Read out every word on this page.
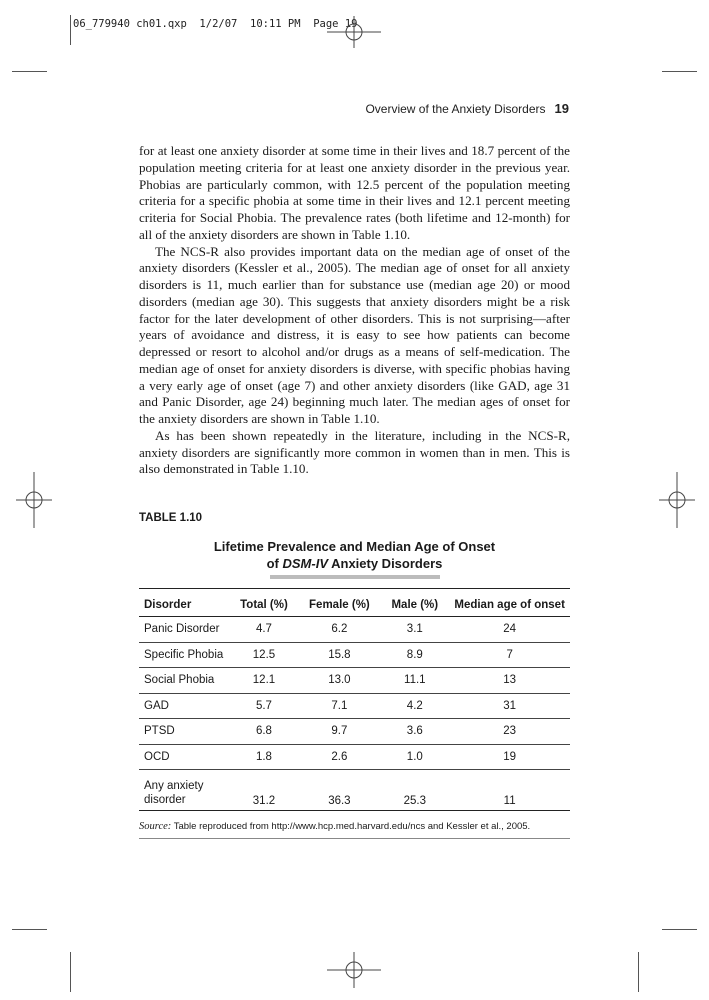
06_779940 ch01.qxp  1/2/07  10:11 PM  Page 19
Overview of the Anxiety Disorders 19

for at least one anxiety disorder at some time in their lives and 18.7 percent of the population meeting criteria for at least one anxiety disorder in the previous year. Phobias are particularly common, with 12.5 percent of the population meeting criteria for a specific phobia at some time in their lives and 12.1 percent meeting criteria for Social Phobia. The prevalence rates (both lifetime and 12-month) for all of the anxiety disorders are shown in Table 1.10.

The NCS-R also provides important data on the median age of onset of the anxiety disorders (Kessler et al., 2005). The median age of onset for all anxiety disorders is 11, much earlier than for substance use (median age 20) or mood disorders (median age 30). This suggests that anxiety disorders might be a risk factor for the later development of other disorders. This is not surprising—after years of avoidance and distress, it is easy to see how patients can become depressed or resort to alcohol and/or drugs as a means of self-medication. The median age of onset for anxiety disorders is diverse, with specific phobias having a very early age of onset (age 7) and other anxiety disorders (like GAD, age 31 and Panic Disorder, age 24) beginning much later. The median ages of onset for the anxiety disorders are shown in Table 1.10.

As has been shown repeatedly in the literature, including in the NCS-R, anxiety disorders are significantly more common in women than in men. This is also demonstrated in Table 1.10.

TABLE 1.10
Lifetime Prevalence and Median Age of Onset
of DSM-IV Anxiety Disorders
Disorder	Total (%)	Female (%)	Male (%)	Median age of onset
Panic Disorder	4.7	6.2	3.1	24
Specific Phobia	12.5	15.8	8.9	7
Social Phobia	12.1	13.0	11.1	13
GAD	5.7	7.1	4.2	31
PTSD	6.8	9.7	3.6	23
OCD	1.8	2.6	1.0	19
Any anxiety
disorder	31.2	36.3	25.3	11
Source: Table reproduced from http://www.hcp.med.harvard.edu/ncs and Kessler et al., 2005.
